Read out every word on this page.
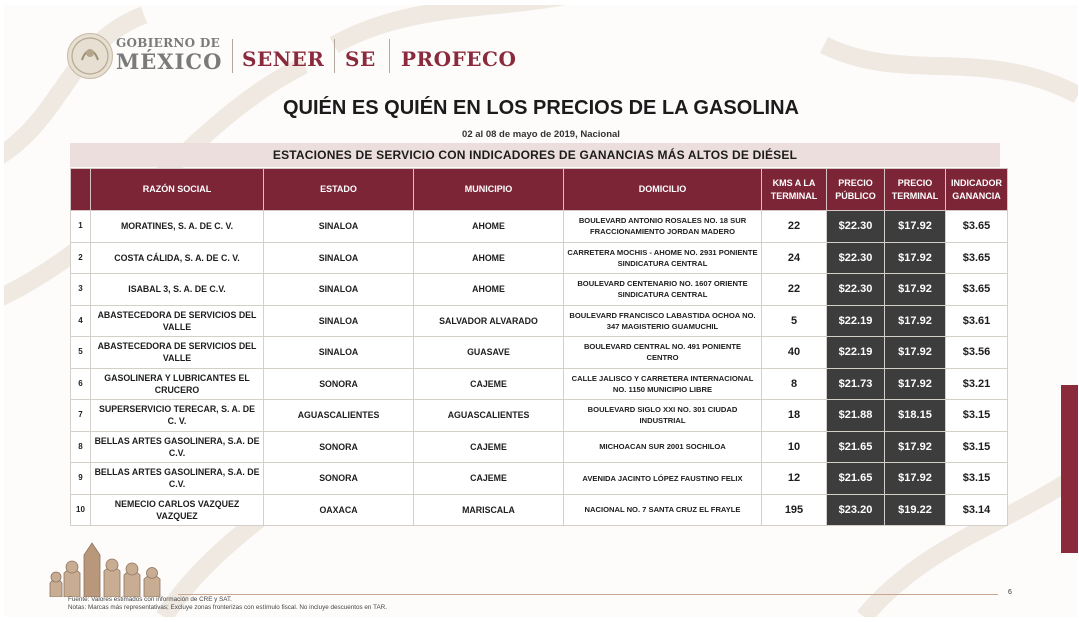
GOBIERNO DE
MÉXICO SENER SE PROFECO
QUIÉN ES QUIÉN EN LOS PRECIOS DE LA GASOLINA
02 al 08 de mayo de 2019, Nacional
ESTACIONES DE SERVICIO CON INDICADORES DE GANANCIAS MÁS ALTOS DE DIÉSEL
	RAZÓN SOCIAL	ESTADO	MUNICIPIO	DOMICILIO	KMS A LA TERMINAL	PRECIO PÚBLICO	PRECIO TERMINAL	INDICADOR GANANCIA
1	MORATINES, S. A. DE C. V.	SINALOA	AHOME	BOULEVARD ANTONIO ROSALES NO. 18 SUR FRACCIONAMIENTO JORDAN MADERO	22	$22.30	$17.92	$3.65
2	COSTA CÁLIDA, S. A. DE C. V.	SINALOA	AHOME	CARRETERA MOCHIS - AHOME NO. 2931 PONIENTE SINDICATURA CENTRAL	24	$22.30	$17.92	$3.65
3	ISABAL 3, S. A. DE C.V.	SINALOA	AHOME	BOULEVARD CENTENARIO NO. 1607 ORIENTE SINDICATURA CENTRAL	22	$22.30	$17.92	$3.65
4	ABASTECEDORA DE SERVICIOS DEL VALLE	SINALOA	SALVADOR ALVARADO	BOULEVARD FRANCISCO LABASTIDA OCHOA NO. 347 MAGISTERIO GUAMUCHIL	5	$22.19	$17.92	$3.61
5	ABASTECEDORA DE SERVICIOS DEL VALLE	SINALOA	GUASAVE	BOULEVARD CENTRAL NO. 491 PONIENTE CENTRO	40	$22.19	$17.92	$3.56
6	GASOLINERA Y LUBRICANTES EL CRUCERO	SONORA	CAJEME	CALLE JALISCO Y CARRETERA INTERNACIONAL NO. 1150 MUNICIPIO LIBRE	8	$21.73	$17.92	$3.21
7	SUPERSERVICIO TERECAR, S. A. DE C. V.	AGUASCALIENTES	AGUASCALIENTES	BOULEVARD SIGLO XXI NO. 301 CIUDAD INDUSTRIAL	18	$21.88	$18.15	$3.15
8	BELLAS ARTES GASOLINERA, S.A. DE C.V.	SONORA	CAJEME	MICHOACAN SUR 2001 SOCHILOA	10	$21.65	$17.92	$3.15
9	BELLAS ARTES GASOLINERA, S.A. DE C.V.	SONORA	CAJEME	AVENIDA JACINTO LÓPEZ FAUSTINO FELIX	12	$21.65	$17.92	$3.15
10	NEMECIO CARLOS VAZQUEZ VAZQUEZ	OAXACA	MARISCALA	NACIONAL NO. 7 SANTA CRUZ EL FRAYLE	195	$23.20	$19.22	$3.14
6
Fuente: Valores estimados con información de CRE y SAT.
Notas: Marcas más representativas; Excluye zonas fronterizas con estímulo fiscal. No incluye descuentos en TAR.
